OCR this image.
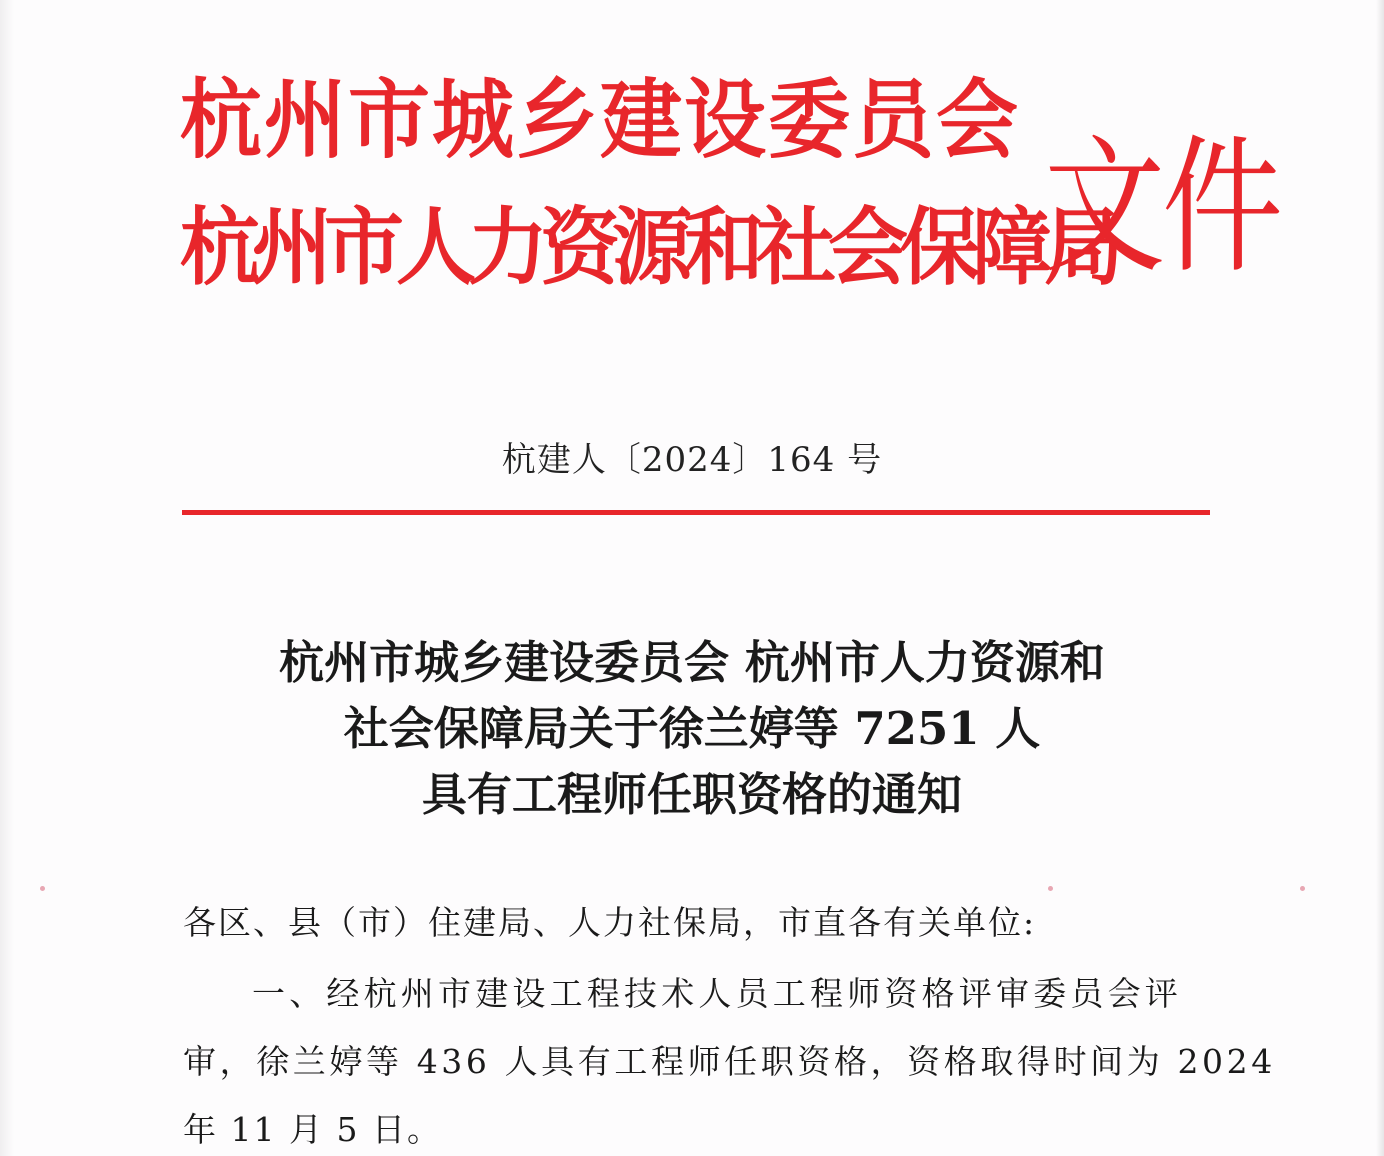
杭州市城乡建设委员会
杭州市人力资源和社会保障局
文件
杭建人〔2024〕164 号
杭州市城乡建设委员会 杭州市人力资源和
社会保障局关于徐兰婷等 7251 人
具有工程师任职资格的通知
各区、县（市）住建局、人力社保局，市直各有关单位:
一、经杭州市建设工程技术人员工程师资格评审委员会评
审，徐兰婷等 436 人具有工程师任职资格，资格取得时间为 2024
年 11 月 5 日。
